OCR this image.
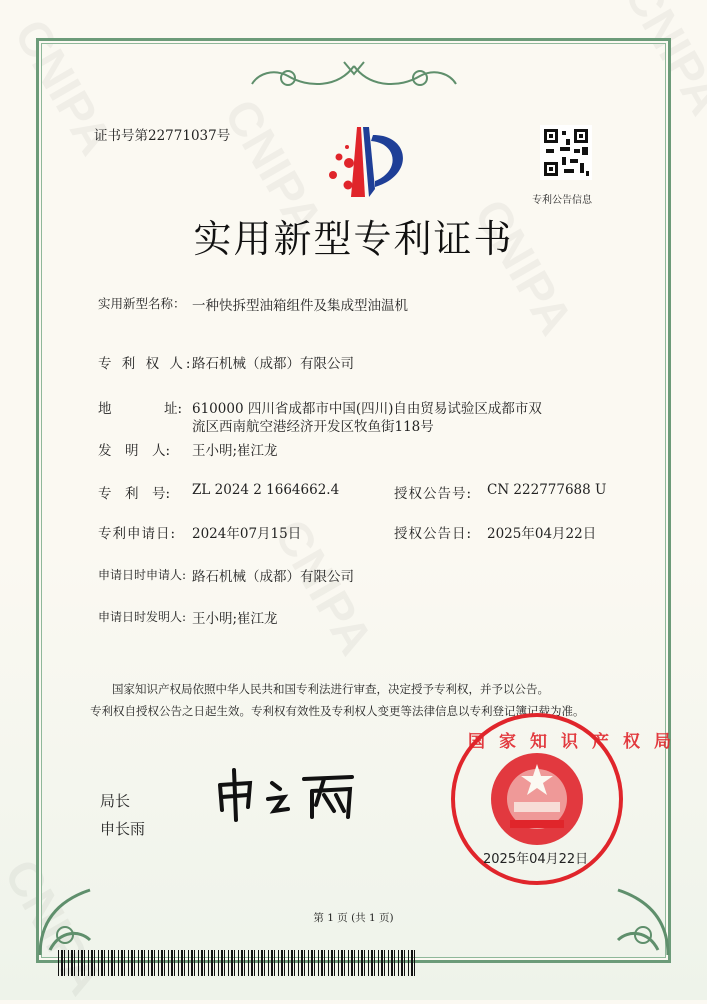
证书号第22771037号
专利公告信息
实用新型专利证书
实用新型名称： 一种快拆型油箱组件及集成型油温机
专 利 权 人:
路石机械（成都）有限公司
地	址: 610000 四川省成都市中国(四川)自由贸易试验区成都市双
流区西南航空港经济开发区牧鱼街118号
发　明　人: 王小明;崔江龙
专　利　号: ZL 2024 2 1664662.4	授权公告号: CN 222777688 U
专利申请日: 2024年07月15日	授权公告日: 2025年04月22日
申请日时申请人: 路石机械（成都）有限公司
申请日时发明人: 王小明;崔江龙
国家知识产权局依照中华人民共和国专利法进行审查，决定授予专利权，并予以公告。
专利权自授权公告之日起生效。专利权有效性及专利权人变更等法律信息以专利登记簿记载为准。
局长
申长雨
国家知识产权局
2025年04月22日
第 1 页 (共 1 页)
